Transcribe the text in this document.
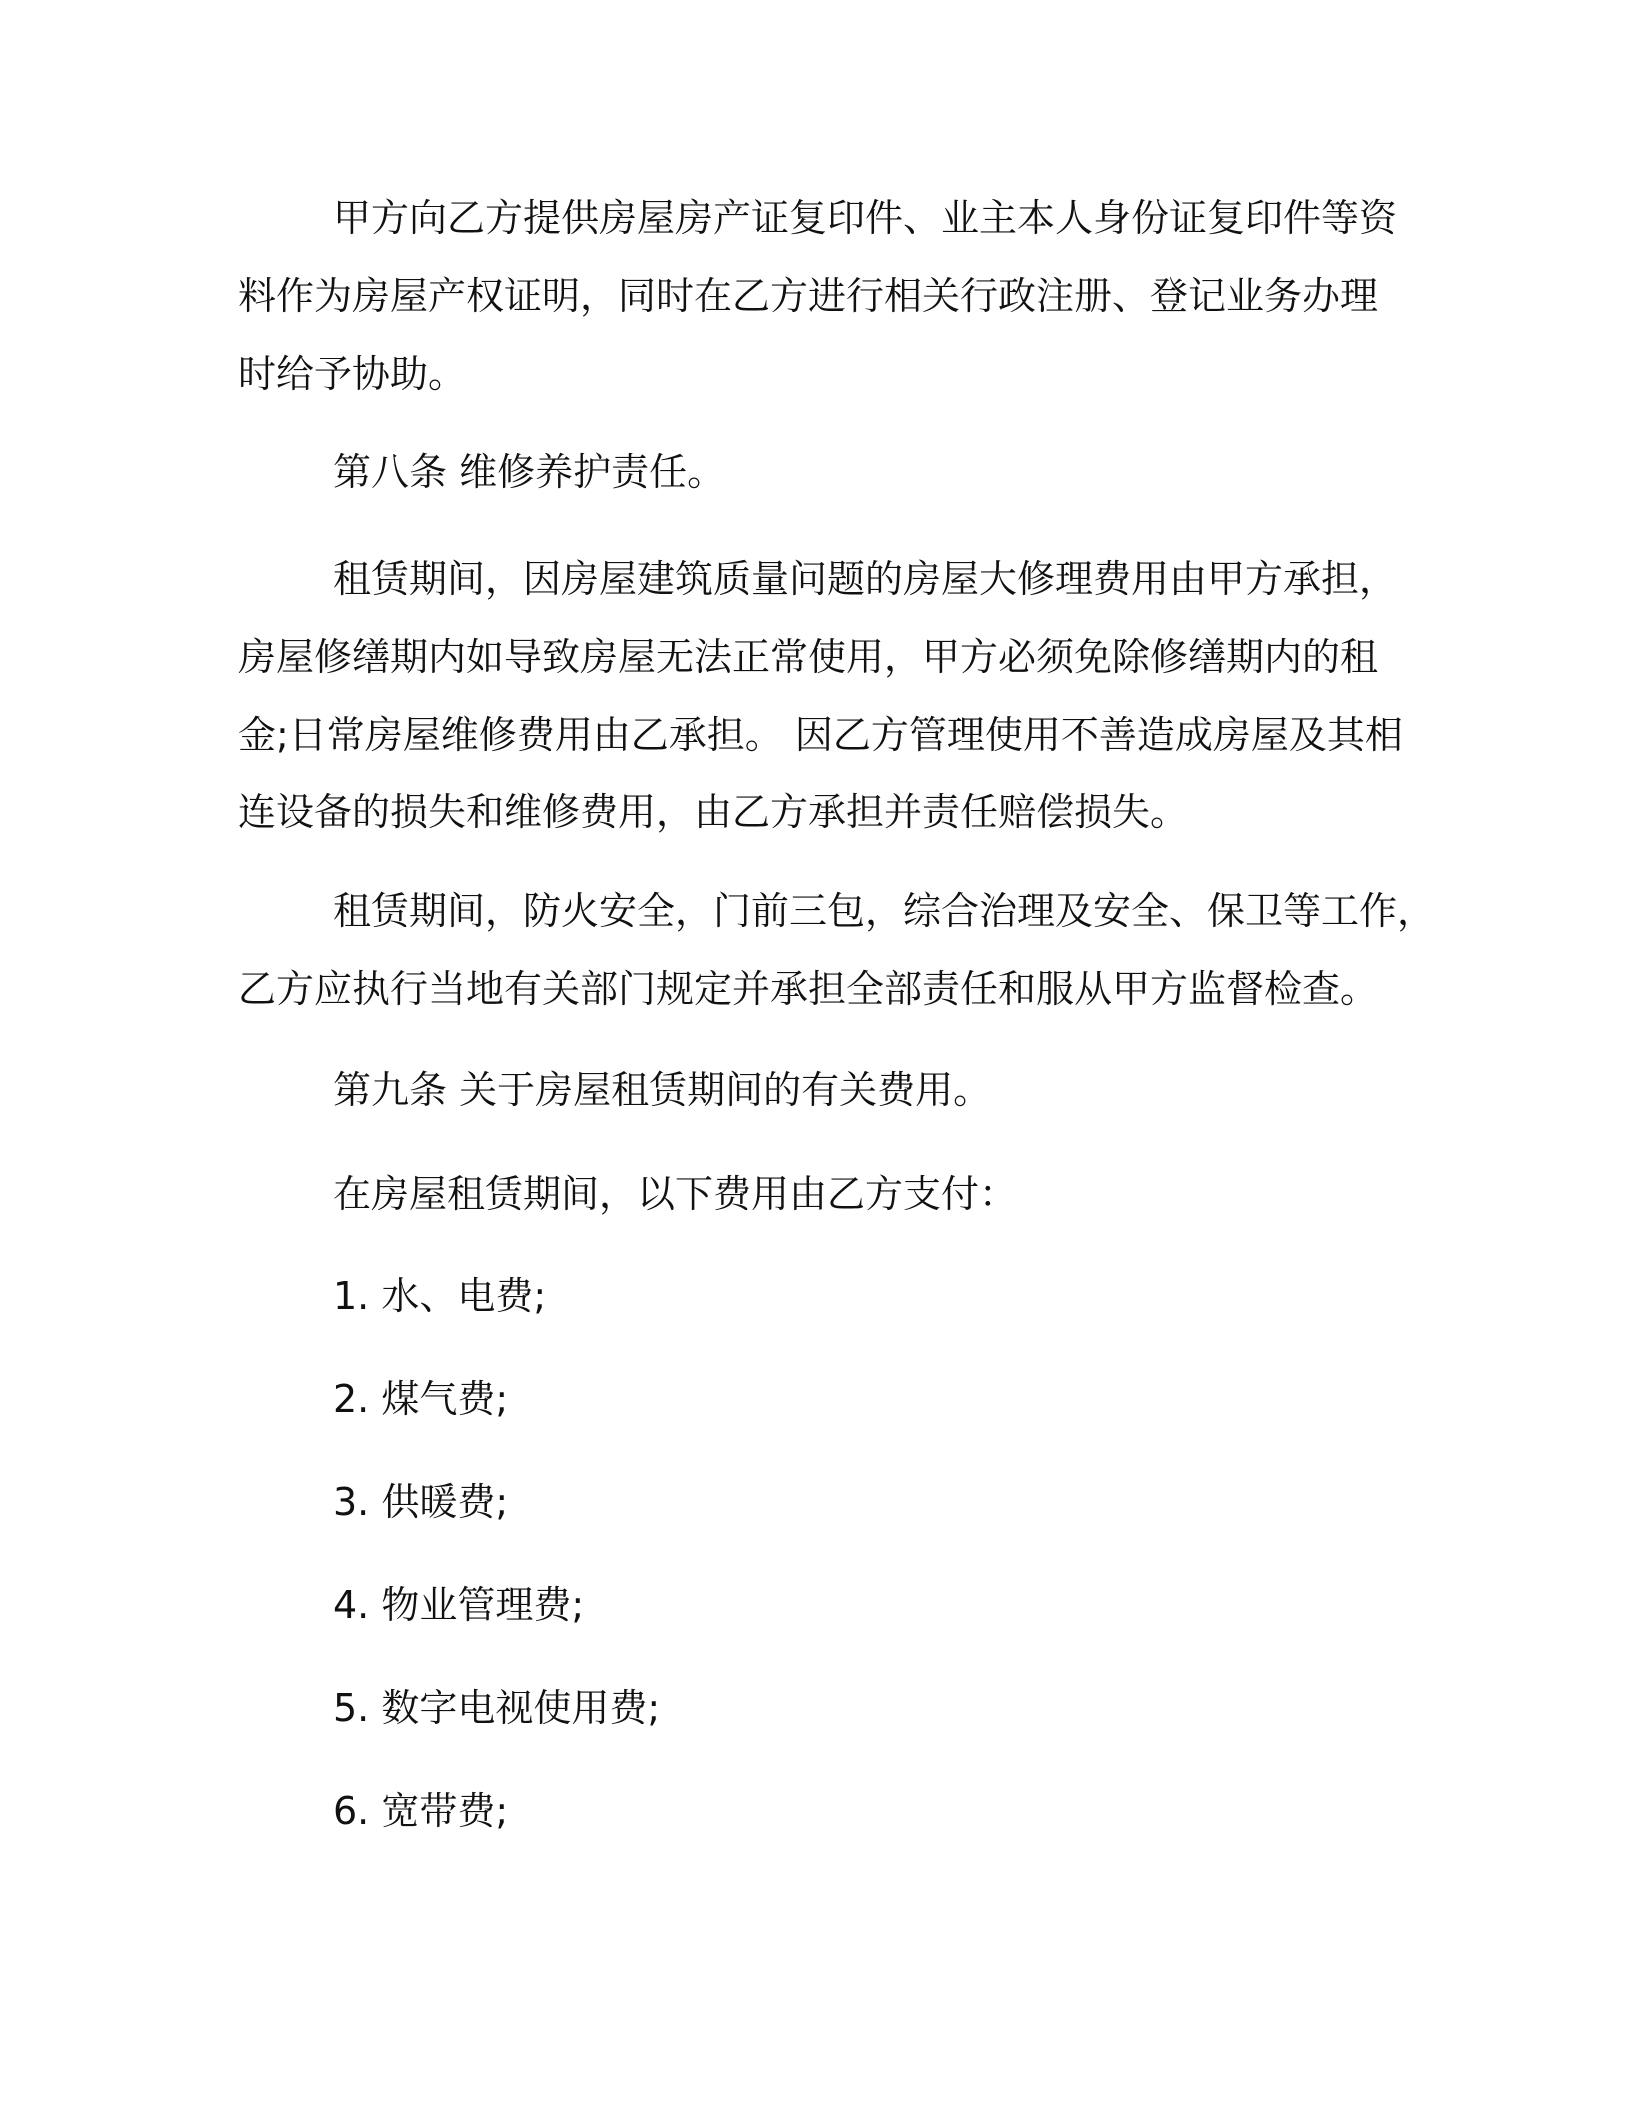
甲方向乙方提供房屋房产证复印件、业主本人身份证复印件等资
料作为房屋产权证明，同时在乙方进行相关行政注册、登记业务办理
时给予协助。
第八条 维修养护责任。
租赁期间，因房屋建筑质量问题的房屋大修理费用由甲方承担，
房屋修缮期内如导致房屋无法正常使用，甲方必须免除修缮期内的租
金;日常房屋维修费用由乙承担。 因乙方管理使用不善造成房屋及其相
连设备的损失和维修费用，由乙方承担并责任赔偿损失。
租赁期间，防火安全，门前三包，综合治理及安全、保卫等工作，
乙方应执行当地有关部门规定并承担全部责任和服从甲方监督检查。
第九条 关于房屋租赁期间的有关费用。
在房屋租赁期间，以下费用由乙方支付：
1. 水、电费;
2. 煤气费;
3. 供暖费;
4. 物业管理费;
5. 数字电视使用费;
6. 宽带费;
